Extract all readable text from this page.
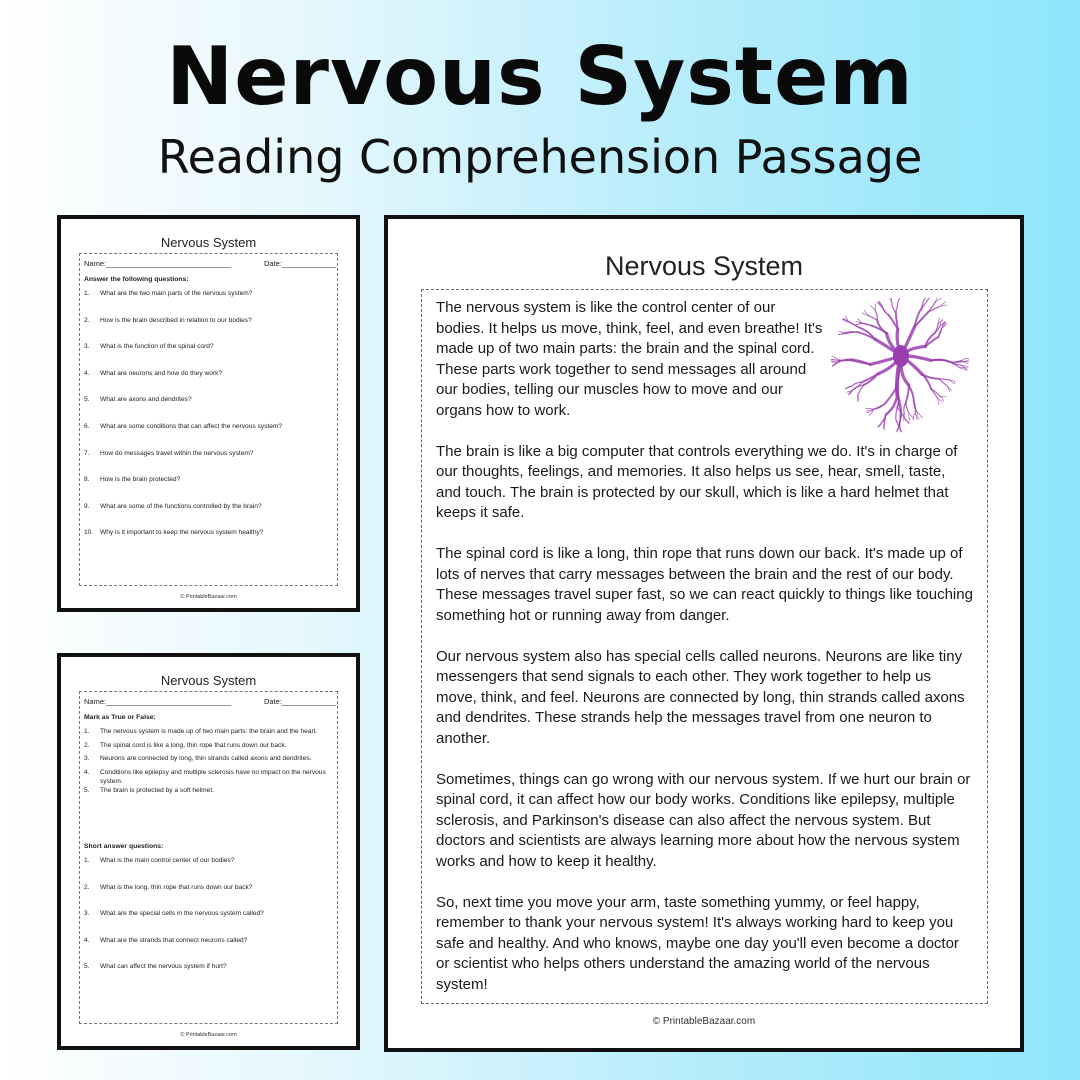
Nervous System
Reading Comprehension Passage
Nervous System
Name:______________________________	Date:_____________
Answer the following questions:
1.	What are the two main parts of the nervous system?
2.	How is the brain described in relation to our bodies?
3.	What is the function of the spinal cord?
4.	What are neurons and how do they work?
5.	What are axons and dendrites?
6.	What are some conditions that can affect the nervous system?
7.	How do messages travel within the nervous system?
8.	How is the brain protected?
9.	What are some of the functions controlled by the brain?
10.	Why is it important to keep the nervous system healthy?
© PrintableBazaar.com
Nervous System
Name:______________________________	Date:_____________
Mark as True or False:
1.	The nervous system is made up of two main parts: the brain and the heart.
2.	The spinal cord is like a long, thin rope that runs down our back.
3.	Neurons are connected by long, thin strands called axons and dendrites.
4.	Conditions like epilepsy and multiple sclerosis have no impact on the nervous system.
5.	The brain is protected by a soft helmet.
Short answer questions:
1.	What is the main control center of our bodies?
2.	What is the long, thin rope that runs down our back?
3.	What are the special cells in the nervous system called?
4.	What are the strands that connect neurons called?
5.	What can affect the nervous system if hurt?
© PrintableBazaar.com
Nervous System

The nervous system is like the control center of our bodies. It helps us move, think, feel, and even breathe! It's made up of two main parts: the brain and the spinal cord. These parts work together to send messages all around our bodies, telling our muscles how to move and our organs how to work.

The brain is like a big computer that controls everything we do. It's in charge of our thoughts, feelings, and memories. It also helps us see, hear, smell, taste, and touch. The brain is protected by our skull, which is like a hard helmet that keeps it safe.

The spinal cord is like a long, thin rope that runs down our back. It's made up of lots of nerves that carry messages between the brain and the rest of our body. These messages travel super fast, so we can react quickly to things like touching something hot or running away from danger.

Our nervous system also has special cells called neurons. Neurons are like tiny messengers that send signals to each other. They work together to help us move, think, and feel. Neurons are connected by long, thin strands called axons and dendrites. These strands help the messages travel from one neuron to another.

Sometimes, things can go wrong with our nervous system. If we hurt our brain or spinal cord, it can affect how our body works. Conditions like epilepsy, multiple sclerosis, and Parkinson's disease can also affect the nervous system. But doctors and scientists are always learning more about how the nervous system works and how to keep it healthy.

So, next time you move your arm, taste something yummy, or feel happy, remember to thank your nervous system! It's always working hard to keep you safe and healthy. And who knows, maybe one day you'll even become a doctor or scientist who helps others understand the amazing world of the nervous system!

© PrintableBazaar.com
